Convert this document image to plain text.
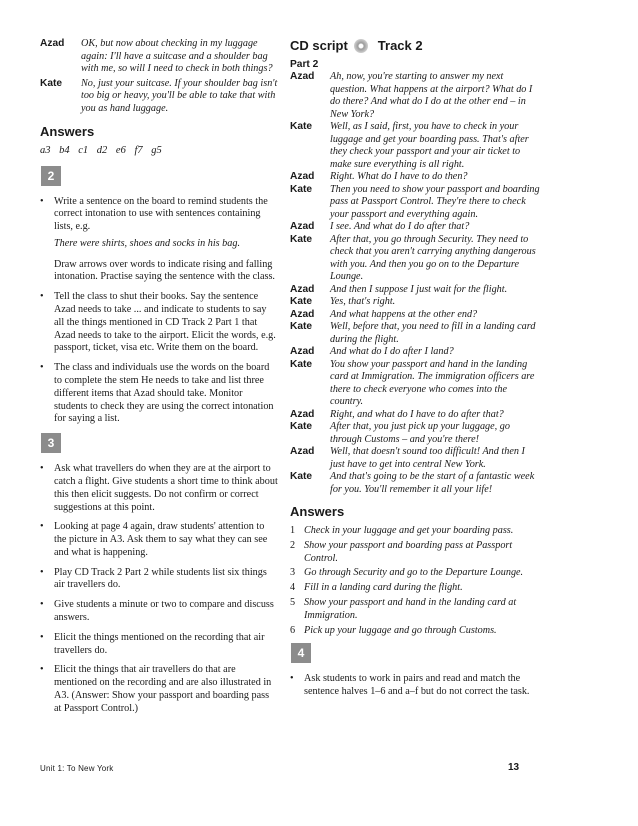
Azad	OK, but now about checking in my luggage again: I'll have a suitcase and a shoulder bag with me, so will I need to check in both things?
Kate	No, just your suitcase. If your shoulder bag isn't too big or heavy, you'll be able to take that with you as hand luggage.
Answers
a3 b4 c1 d2 e6 f7 g5
2
•	Write a sentence on the board to remind students the correct intonation to use with sentences containing lists, e.g.
There were shirts, shoes and socks in his bag.
Draw arrows over words to indicate rising and falling intonation. Practise saying the sentence with the class.
•	Tell the class to shut their books. Say the sentence Azad needs to take ... and indicate to students to say all the things mentioned in CD Track 2 Part 1 that Azad needs to take to the airport. Elicit the words, e.g. passport, ticket, visa etc. Write them on the board.
•	The class and individuals use the words on the board to complete the stem He needs to take and list three different items that Azad should take. Monitor students to check they are using the correct intonation for saying a list.
3
•	Ask what travellers do when they are at the airport to catch a flight. Give students a short time to think about this then elicit suggests. Do not confirm or correct suggestions at this point.
•	Looking at page 4 again, draw students' attention to the picture in A3. Ask them to say what they can see and what is happening.
•	Play CD Track 2 Part 2 while students list six things air travellers do.
•	Give students a minute or two to compare and discuss answers.
•	Elicit the things mentioned on the recording that air travellers do.
•	Elicit the things that air travellers do that are mentioned on the recording and are also illustrated in A3. (Answer: Show your passport and boarding pass at Passport Control.)
CD script Track 2
Part 2
Azad	Ah, now, you're starting to answer my next question. What happens at the airport? What do I do there? And what do I do at the other end – in New York?
Kate	Well, as I said, first, you have to check in your luggage and get your boarding pass. That's after they check your passport and your air ticket to make sure everything is all right.
Azad	Right. What do I have to do then?
Kate	Then you need to show your passport and boarding pass at Passport Control. They're there to check your passport and everything again.
Azad	I see. And what do I do after that?
Kate	After that, you go through Security. They need to check that you aren't carrying anything dangerous with you. And then you go on to the Departure Lounge.
Azad	And then I suppose I just wait for the flight.
Kate	Yes, that's right.
Azad	And what happens at the other end?
Kate	Well, before that, you need to fill in a landing card during the flight.
Azad	And what do I do after I land?
Kate	You show your passport and hand in the landing card at Immigration. The immigration officers are there to check everyone who comes into the country.
Azad	Right, and what do I have to do after that?
Kate	After that, you just pick up your luggage, go through Customs – and you're there!
Azad	Well, that doesn't sound too difficult! And then I just have to get into central New York.
Kate	And that's going to be the start of a fantastic week for you. You'll remember it all your life!
Answers
1 Check in your luggage and get your boarding pass.
2 Show your passport and boarding pass at Passport Control.
3 Go through Security and go to the Departure Lounge.
4 Fill in a landing card during the flight.
5 Show your passport and hand in the landing card at Immigration.
6 Pick up your luggage and go through Customs.
4
•	Ask students to work in pairs and read and match the sentence halves 1–6 and a–f but do not correct the task.
Unit 1: To New York	13
